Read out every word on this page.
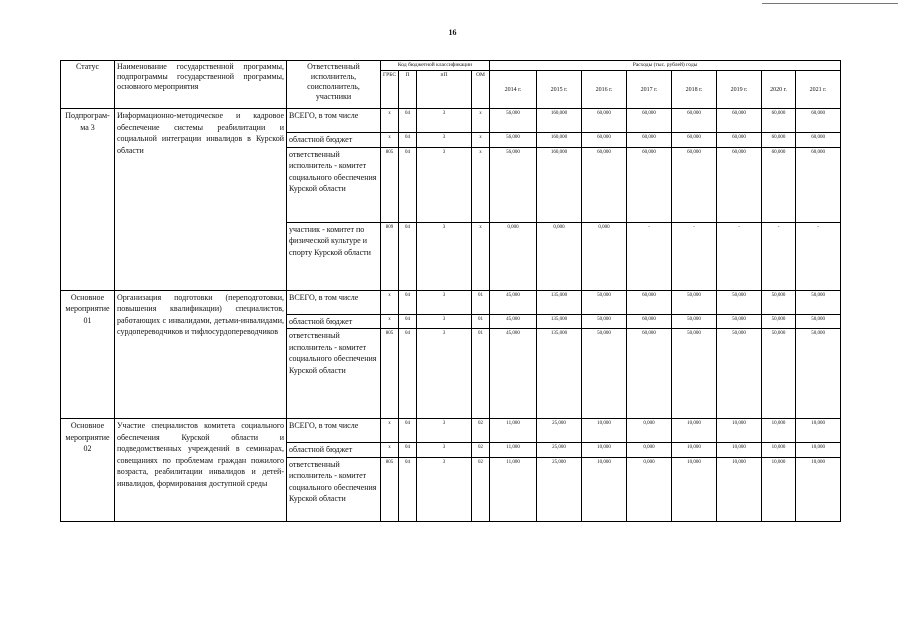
16
Статус	Наименование государственной программы, подпрограммы государственной программы, основного мероприятия	Ответственный исполнитель, соисполнитель, участники	Код бюджетной классификации				Расходы (тыс. рублей) годы							
			ГРБС	П	пП	ОМ	2014 г.	2015 г.	2016 г.	2017 г.	2018 г.	2019 г.	2020 г.	2021 г.
Подпрограм-ма 3	Информационно-методическое и кадровое обеспечение системы реабилитации и социальной интеграции инвалидов в Курской области	ВСЕГО, в том числе	х	04	3	х	56,000	160,000	60,000	60,000	60,000	60,000	60,000	60,000
		областной бюджет	х	04	3	х	56,000	160,000	60,000	60,000	60,000	60,000	60,000	60,000
		ответственный исполнитель - комитет социального обеспечения Курской области	805	04	3	х	56,000	160,000	60,000	60,000	60,000	60,000	60,000	60,000
		участник - комитет по физической культуре и спорту Курской области	809	04	3	х	0,000	0,000	0,000	-	-	-	-	-
Основное мероприятие 01	Организация подготовки (переподготовки, повышения квалификации) специалистов, работающих с инвалидами, детьми-инвалидами, сурдопереводчиков и тифлосурдопереводчиков	ВСЕГО, в том числе	х	04	3	01	45,000	135,000	50,000	60,000	50,000	50,000	50,000	50,000
		областной бюджет	х	04	3	01	45,000	135,000	50,000	60,000	50,000	50,000	50,000	50,000
		ответственный исполнитель - комитет социального обеспечения Курской области	805	04	3	01	45,000	135,000	50,000	60,000	50,000	50,000	50,000	50,000
Основное мероприятие 02	Участие специалистов комитета социального обеспечения Курской области и подведомственных учреждений в семинарах, совещаниях по проблемам граждан пожилого возраста, реабилитации инвалидов и детей-инвалидов, формирования доступной среды	ВСЕГО, в том числе	х	04	3	02	11,000	25,000	10,000	0,000	10,000	10,000	10,000	10,000
		областной бюджет	х	04	3	02	11,000	25,000	10,000	0,000	10,000	10,000	10,000	10,000
		ответственный исполнитель - комитет социального обеспечения Курской области	805	04	3	02	11,000	25,000	10,000	0,000	10,000	10,000	10,000	10,000
